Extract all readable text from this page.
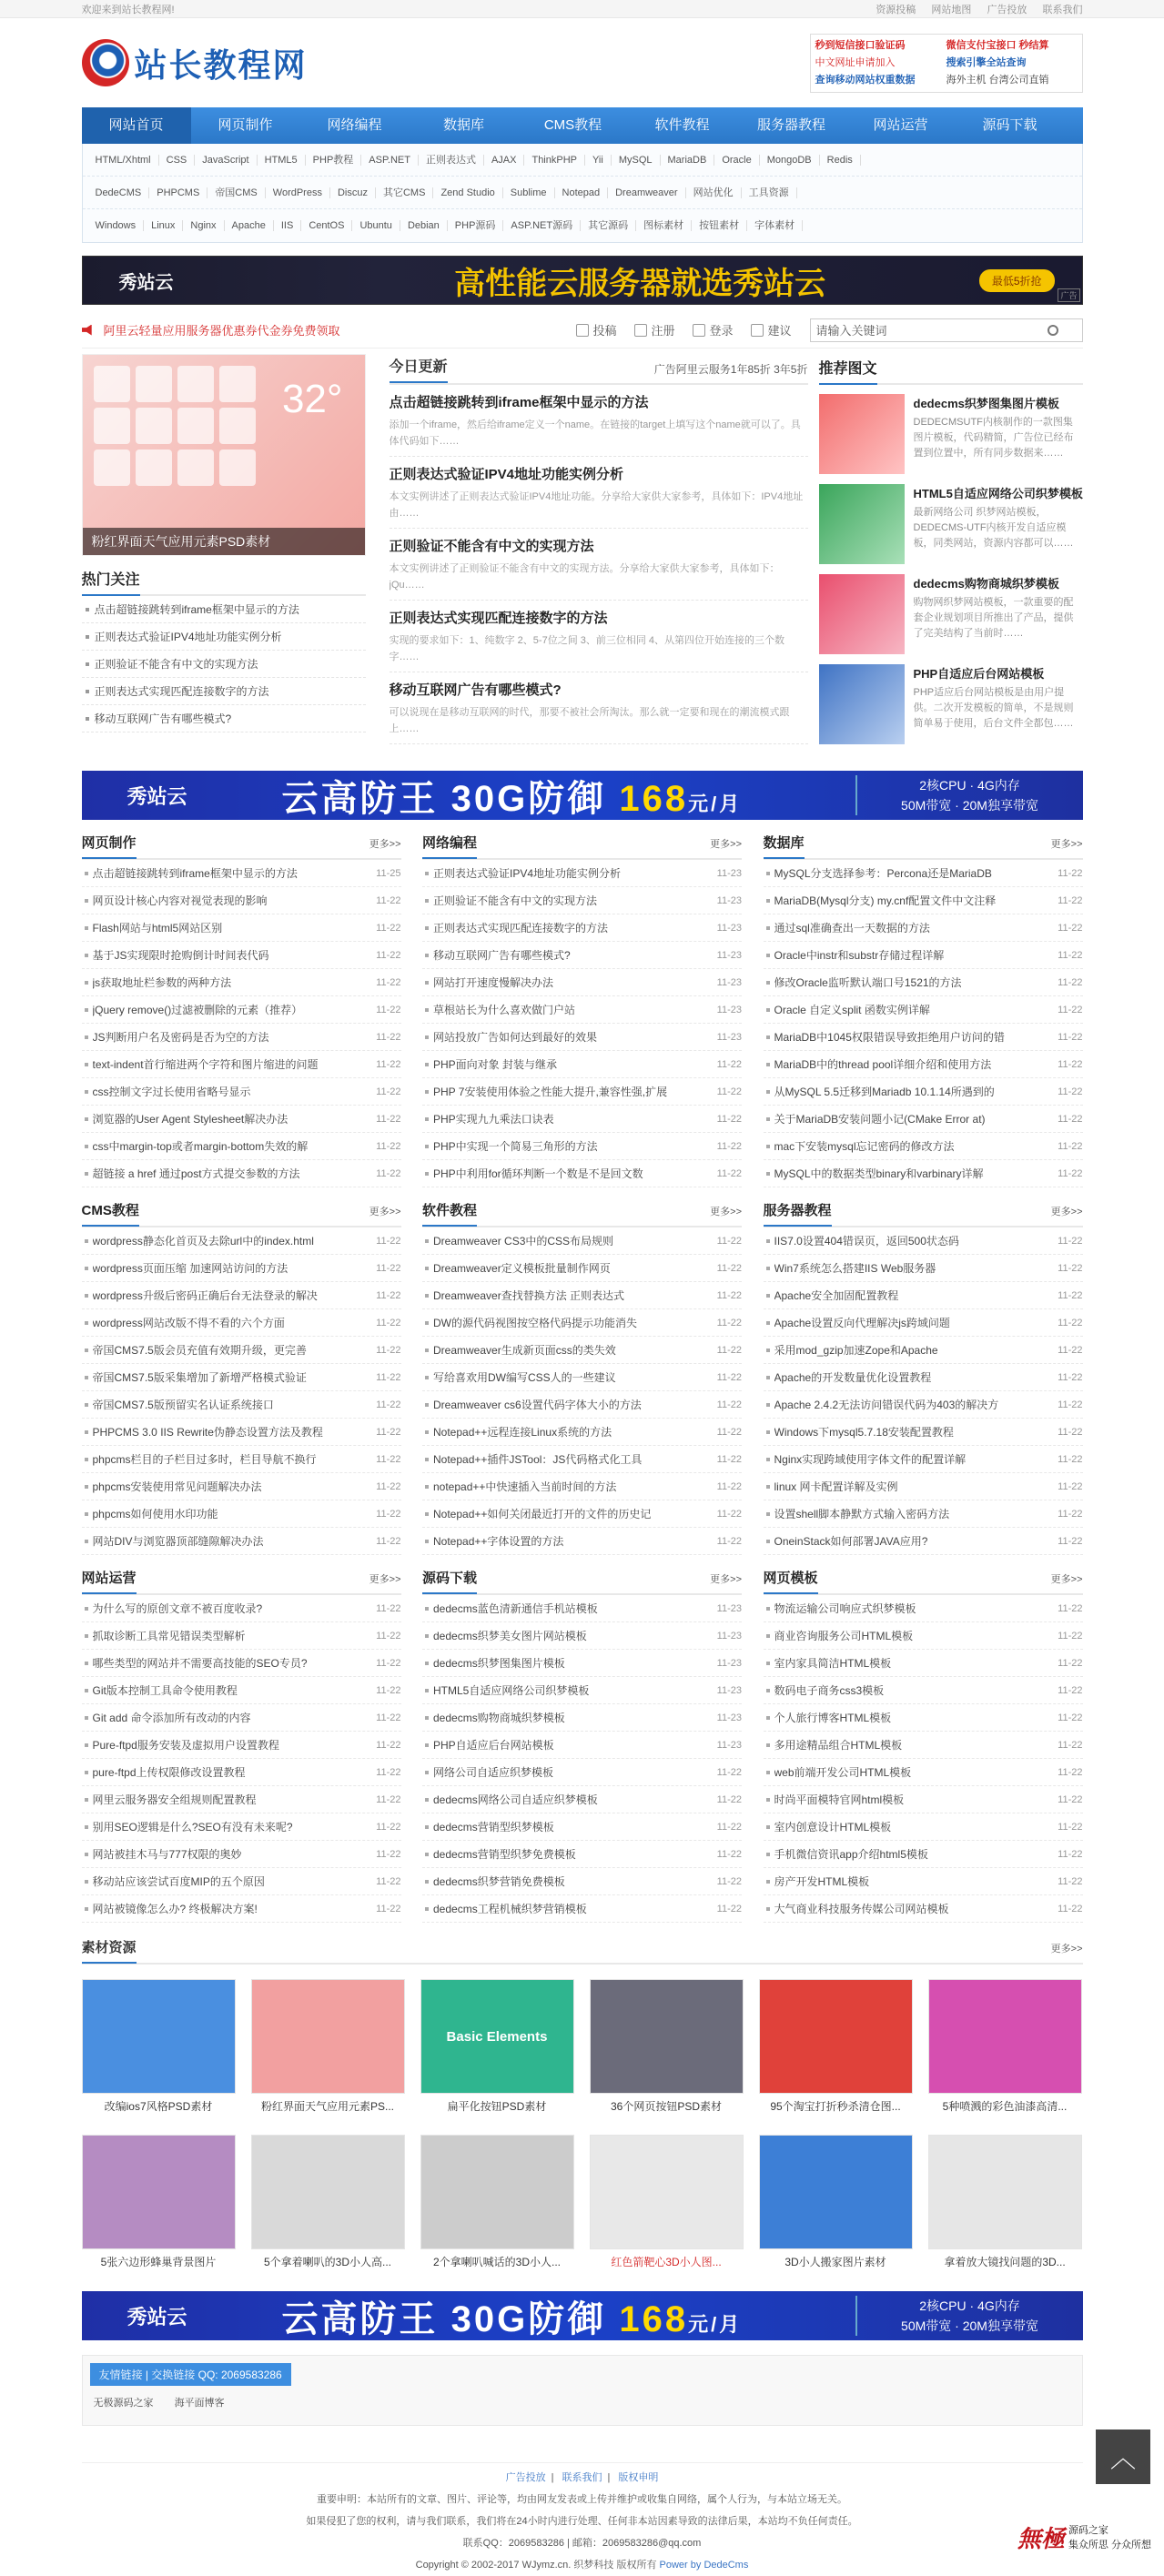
欢迎来到站长教程网!	资源投稿 网站地图 广告投放 联系我们
站长教程网
秒到短信接口验证码	微信支付宝接口 秒结算
中文网址申请加入	搜索引擎全站查询
查询移动网站权重数据	海外主机 台湾公司直销
网站首页	网页制作	网络编程	数据库	CMS教程	软件教程	服务器教程	网站运营	源码下载
HTML/Xhtml	CSS	JavaScript	HTML5	PHP教程	ASP.NET	正则表达式	AJAX	ThinkPHP	Yii	MySQL	MariaDB	Oracle	MongoDB	Redis
DedeCMS	PHPCMS	帝国CMS	WordPress	Discuz	其它CMS	Zend Studio	Sublime	Notepad	Dreamweaver	网站优化	工具资源
Windows	Linux	Nginx	Apache	IIS	CentOS	Ubuntu	Debian	PHP源码	ASP.NET源码	其它源码	图标素材	按钮素材	字体素材
秀站云	高性能云服务器就选秀站云	最低5折抢
广告
阿里云轻量应用服务器优惠券代金券免费领取	投稿	注册	登录	建议 请输入关键词
32°
粉红界面天气应用元素PSD素材
热门关注
点击超链接跳转到iframe框架中显示的方法
正则表达式验证IPV4地址功能实例分析
正则验证不能含有中文的实现方法
正则表达式实现匹配连接数字的方法
移动互联网广告有哪些模式?
今日更新	广告阿里云服务1年85折 3年5折
点击超链接跳转到iframe框架中显示的方法

添加一个iframe，然后给iframe定义一个name。在链接的target上填写这个name就可以了。具体代码如下……

正则表达式验证IPV4地址功能实例分析

本文实例讲述了正则表达式验证IPV4地址功能。分享给大家供大家参考，具体如下：IPV4地址由……

正则验证不能含有中文的实现方法

本文实例讲述了正则验证不能含有中文的实现方法。分享给大家供大家参考，具体如下：jQu……

正则表达式实现匹配连接数字的方法

实现的要求如下：1、纯数字 2、5-7位之间 3、前三位相同 4、从第四位开始连接的三个数字……

移动互联网广告有哪些模式?

可以说现在是移动互联网的时代，那要不被社会所淘汰。那么就一定要和现在的潮流模式跟上……

推荐图文
dedecms织梦图集图片模板

DEDECMSUTF内核制作的一款图集图片模板，代码精简，广告位已经布置到位置中，所有同步数据来……

HTML5自适应网络公司织梦模板

最新网络公司 织梦网站模板，DEDECMS-UTF内核开发自适应模板，同类网站，资源内容都可以……

dedecms购物商城织梦模板

购物网织梦网站模板，一款重要的配套企业规划项目所推出了产品，提供了完美结构了当前时……

PHP自适应后台网站模板

PHP适应后台网站模板是由用户提供。二次开发模板的简单，不是规则简单易于使用，后台文件全都包……

秀站云	云高防王 30G防御 168元/月
2核CPU · 4G内存
50M带宽 · 20M独享带宽
网页制作	更多>>
点击超链接跳转到iframe框架中显示的方法	11-25
网页设计核心内容对视觉表现的影响	11-22
Flash网站与html5网站区别	11-22
基于JS实现限时抢购倒计时间表代码	11-22
js获取地址栏参数的两种方法	11-22
jQuery remove()过滤被删除的元素（推荐）	11-22
JS判断用户名及密码是否为空的方法	11-22
text-indent首行缩进两个字符和图片缩进的问题	11-22
css控制文字过长使用省略号显示	11-22
浏览器的User Agent Stylesheet解决办法	11-22
css中margin-top或者margin-bottom失效的解	11-22
超链接 a href 通过post方式提交参数的方法	11-22
网络编程	更多>>
正则表达式验证IPV4地址功能实例分析	11-23
正则验证不能含有中文的实现方法	11-23
正则表达式实现匹配连接数字的方法	11-23
移动互联网广告有哪些模式?	11-23
网站打开速度慢解决办法	11-23
草根站长为什么喜欢做门户站	11-23
网站投放广告如何达到最好的效果	11-23
PHP面向对象 封装与继承	11-22
PHP 7安装使用体验之性能大提升,兼容性强,扩展	11-22
PHP实现九九乘法口诀表	11-22
PHP中实现一个简易三角形的方法	11-22
PHP中利用for循环判断一个数是不是回文数	11-22
数据库	更多>>
MySQL分支选择参考：Percona还是MariaDB	11-22
MariaDB(Mysql分支) my.cnf配置文件中文注释	11-22
通过sql准确查出一天数据的方法	11-22
Oracle中instr和substr存储过程详解	11-22
修改Oracle监听默认端口号1521的方法	11-22
Oracle 自定义split 函数实例详解	11-22
MariaDB中1045权限错误导致拒绝用户访问的错	11-22
MariaDB中的thread pool详细介绍和使用方法	11-22
从MySQL 5.5迁移到Mariadb 10.1.14所遇到的	11-22
关于MariaDB安装问题小记(CMake Error at)	11-22
mac下安装mysql忘记密码的修改方法	11-22
MySQL中的数据类型binary和varbinary详解	11-22
CMS教程	更多>>
wordpress静态化首页及去除url中的index.html	11-22
wordpress页面压缩 加速网站访问的方法	11-22
wordpress升级后密码正确后台无法登录的解决	11-22
wordpress网站改版不得不看的六个方面	11-22
帝国CMS7.5版会员充值有效期升级，更完善	11-22
帝国CMS7.5版采集增加了新增严格模式验证	11-22
帝国CMS7.5版预留实名认证系统接口	11-22
PHPCMS 3.0 IIS Rewrite伪静态设置方法及教程	11-22
phpcms栏目的子栏目过多时，栏目导航不换行	11-22
phpcms安装使用常见问题解决办法	11-22
phpcms如何使用水印功能	11-22
网站DIV与浏览器顶部缝隙解决办法	11-22
软件教程	更多>>
Dreamweaver CS3中的CSS布局规则	11-22
Dreamweaver定义模板批量制作网页	11-22
Dreamweaver查找替换方法 正则表达式	11-22
DW的源代码视图按空格代码提示功能消失	11-22
Dreamweaver生成新页面css的类失效	11-22
写给喜欢用DW编写CSS人的一些建议	11-22
Dreamweaver cs6设置代码字体大小的方法	11-22
Notepad++远程连接Linux系统的方法	11-22
Notepad++插件JSTool：JS代码格式化工具	11-22
notepad++中快速插入当前时间的方法	11-22
Notepad++如何关闭最近打开的文件的历史记	11-22
Notepad++字体设置的方法	11-22
服务器教程	更多>>
IIS7.0设置404错误页，返回500状态码	11-22
Win7系统怎么搭建IIS Web服务器	11-22
Apache安全加固配置教程	11-22
Apache设置反向代理解决js跨域问题	11-22
采用mod_gzip加速Zope和Apache	11-22
Apache的开发数量优化设置教程	11-22
Apache 2.4.2无法访问错误代码为403的解决方	11-22
Windows下mysql5.7.18安装配置教程	11-22
Nginx实现跨域使用字体文件的配置详解	11-22
linux 网卡配置详解及实例	11-22
设置shell脚本静默方式输入密码方法	11-22
OneinStack如何部署JAVA应用?	11-22
网站运营	更多>>
为什么写的原创文章不被百度收录?	11-22
抓取诊断工具常见错误类型解析	11-22
哪些类型的网站并不需要高技能的SEO专员?	11-22
Git版本控制工具命令使用教程	11-22
Git add 命令添加所有改动的内容	11-22
Pure-ftpd服务安装及虚拟用户设置教程	11-22
pure-ftpd上传权限修改设置教程	11-22
网里云服务器安全组规则配置教程	11-22
别用SEO逻辑是什么?SEO有没有未来呢?	11-22
网站被挂木马与777权限的奥妙	11-22
移动站应该尝试百度MIP的五个原因	11-22
网站被镜像怎么办? 终极解决方案!	11-22
源码下载	更多>>
dedecms蓝色清新通信手机站模板	11-23
dedecms织梦美女图片网站模板	11-23
dedecms织梦图集图片模板	11-23
HTML5自适应网络公司织梦模板	11-23
dedecms购物商城织梦模板	11-23
PHP自适应后台网站模板	11-23
网络公司自适应织梦模板	11-22
dedecms网络公司自适应织梦模板	11-22
dedecms营销型织梦模板	11-22
dedecms营销型织梦免费模板	11-22
dedecms织梦营销免费模板	11-22
dedecms工程机械织梦营销模板	11-22
网页模板	更多>>
物流运输公司响应式织梦模板	11-22
商业咨询服务公司HTML模板	11-22
室内家具简洁HTML模板	11-22
数码电子商务css3模板	11-22
个人旅行博客HTML模板	11-22
多用途精品组合HTML模板	11-22
web前端开发公司HTML模板	11-22
时尚平面模特官网html模板	11-22
室内创意设计HTML模板	11-22
手机微信资讯app介绍html5模板	11-22
房产开发HTML模板	11-22
大气商业科技服务传媒公司网站模板	11-22
素材资源	更多>>
改编ios7风格PSD素材	粉红界面天气应用元素PS...
Basic Elements
扁平化按钮PSD素材	36个网页按钮PSD素材	95个淘宝打折秒杀清仓图...	5种喷溅的彩色油漆高清...
5张六边形蜂巢背景图片	5个拿着喇叭的3D小人高...	2个拿喇叭喊话的3D小人...	红色箭靶心3D小人图...	3D小人搬家图片素材	拿着放大镜找问题的3D...
秀站云	云高防王 30G防御 168元/月
2核CPU · 4G内存
50M带宽 · 20M独享带宽
友情链接 | 交换链接 QQ: 2069583286
无极源码之家 海平面博客
广告投放 | 联系我们 | 版权申明
重要申明：本站所有的文章、图片、评论等，均由网友发表或上传并维护或收集自网络，属个人行为，与本站立场无关。
如果侵犯了您的权利，请与我们联系，我们将在24小时内进行处理、任何非本站因素导致的法律后果，本站均不负任何责任。
联系QQ：2069583286 | 邮箱：2069583286@qq.com
Copyright © 2002-2017 WJymz.cn. 织梦科技 版权所有 Power by DedeCms
︿
無極 源码之家
集众所思 分众所想
